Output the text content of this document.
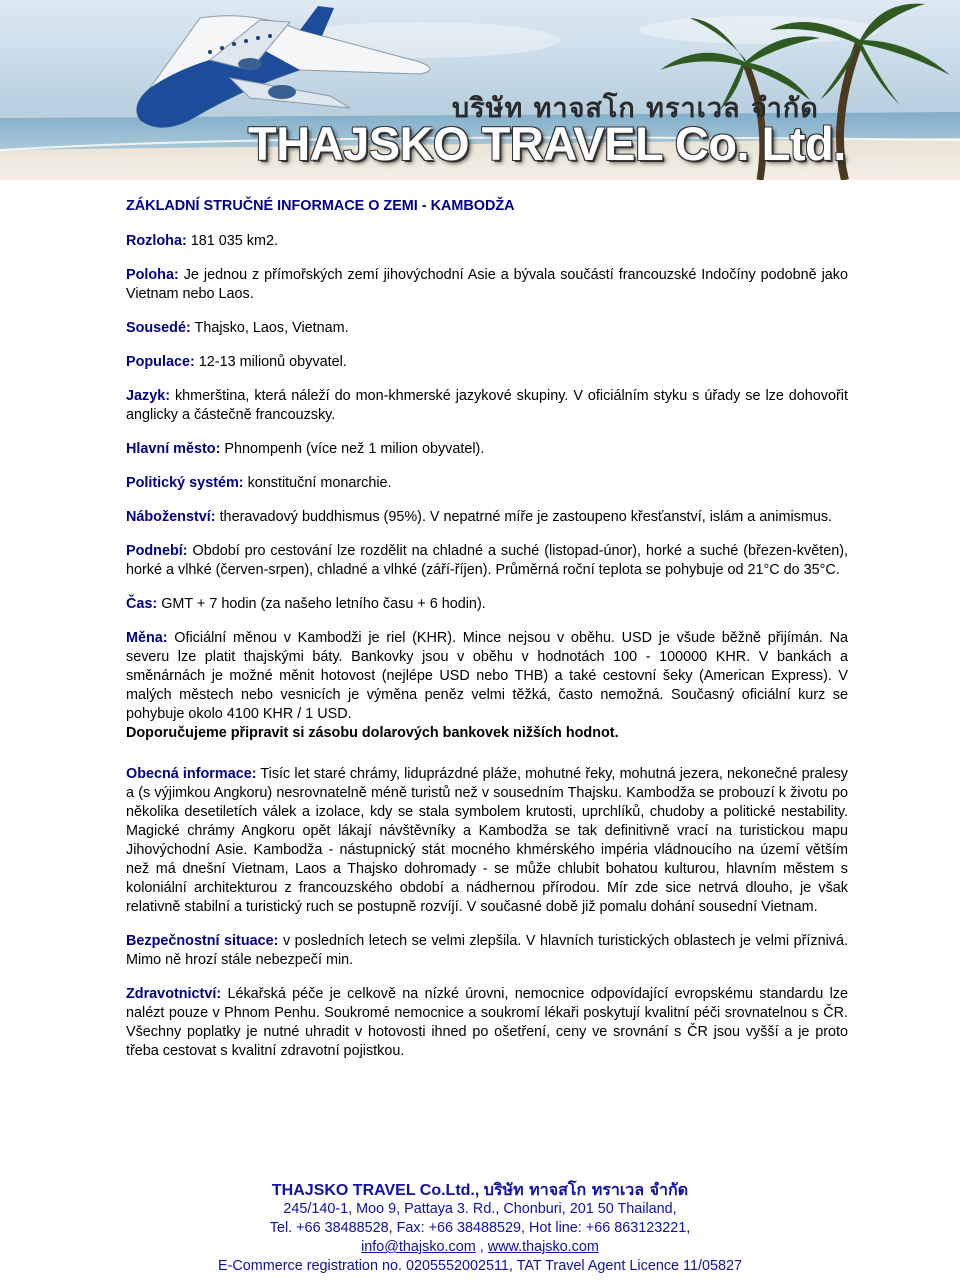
บริษัท ทาจสโก ทราเวล จำกัด
THAJSKO TRAVEL Co. Ltd.
ZÁKLADNÍ STRUČNÉ INFORMACE O ZEMI - KAMBODŽA
Rozloha: 181 035 km2.
Poloha: Je jednou z přímořských zemí jihovýchodní Asie a bývala součástí francouzské Indočíny podobně jako Vietnam nebo Laos.
Sousedé: Thajsko, Laos, Vietnam.
Populace: 12-13 milionů obyvatel.
Jazyk: khmerština, která náleží do mon-khmerské jazykové skupiny. V oficiálním styku s úřady se lze dohovořit anglicky a částečně francouzsky.
Hlavní město: Phnompenh (více než 1 milion obyvatel).
Politický systém: konstituční monarchie.
Náboženství: theravadový buddhismus (95%). V nepatrné míře je zastoupeno křesťanství, islám a animismus.
Podnebí: Období pro cestování lze rozdělit na chladné a suché (listopad-únor), horké a suché (březen-květen), horké a vlhké (červen-srpen), chladné a vlhké (září-říjen). Průměrná roční teplota se pohybuje od 21°C do 35°C.
Čas: GMT + 7 hodin (za našeho letního času + 6 hodin).
Měna: Oficiální měnou v Kambodži je riel (KHR). Mince nejsou v oběhu. USD je všude běžně přijímán. Na severu lze platit thajskými báty. Bankovky jsou v oběhu v hodnotách 100 - 100000 KHR. V bankách a směnárnách je možné měnit hotovost (nejlépe USD nebo THB) a také cestovní šeky (American Express). V malých městech nebo vesnicích je výměna peněz velmi těžká, často nemožná. Současný oficiální kurz se pohybuje okolo 4100 KHR / 1 USD.
Doporučujeme připravit si zásobu dolarových bankovek nižších hodnot.
Obecná informace: Tisíc let staré chrámy, liduprázdné pláže, mohutné řeky, mohutná jezera, nekonečné pralesy a (s výjimkou Angkoru) nesrovnatelně méně turistů než v sousedním Thajsku. Kambodža se probouzí k životu po několika desetiletích válek a izolace, kdy se stala symbolem krutosti, uprchlíků, chudoby a politické nestability. Magické chrámy Angkoru opět lákají návštěvníky a Kambodža se tak definitivně vrací na turistickou mapu Jihovýchodní Asie. Kambodža - nástupnický stát mocného khmérského impéria vládnoucího na území větším než má dnešní Vietnam, Laos a Thajsko dohromady - se může chlubit bohatou kulturou, hlavním městem s koloniální architekturou z francouzského období a nádhernou přírodou. Mír zde sice netrvá dlouho, je však relativně stabilní a turistický ruch se postupně rozvíjí. V současné době již pomalu dohání sousední Vietnam.
Bezpečnostní situace: v posledních letech se velmi zlepšila. V hlavních turistických oblastech je velmi příznivá. Mimo ně hrozí stále nebezpečí min.
Zdravotnictví: Lékařská péče je celkově na nízké úrovni, nemocnice odpovídající evropskému standardu lze nalézt pouze v Phnom Penhu. Soukromé nemocnice a soukromí lékaři poskytují kvalitní péči srovnatelnou s ČR. Všechny poplatky je nutné uhradit v hotovosti ihned po ošetření, ceny ve srovnání s ČR jsou vyšší a je proto třeba cestovat s kvalitní zdravotní pojistkou.
THAJSKO TRAVEL Co.Ltd., บริษัท ทาจสโก ทราเวล จำกัด
245/140-1, Moo 9, Pattaya 3. Rd., Chonburi, 201 50 Thailand,
Tel. +66 38488528, Fax: +66 38488529, Hot line: +66 863123221,
info@thajsko.com , www.thajsko.com
E-Commerce registration no. 0205552002511, TAT Travel Agent Licence 11/05827
